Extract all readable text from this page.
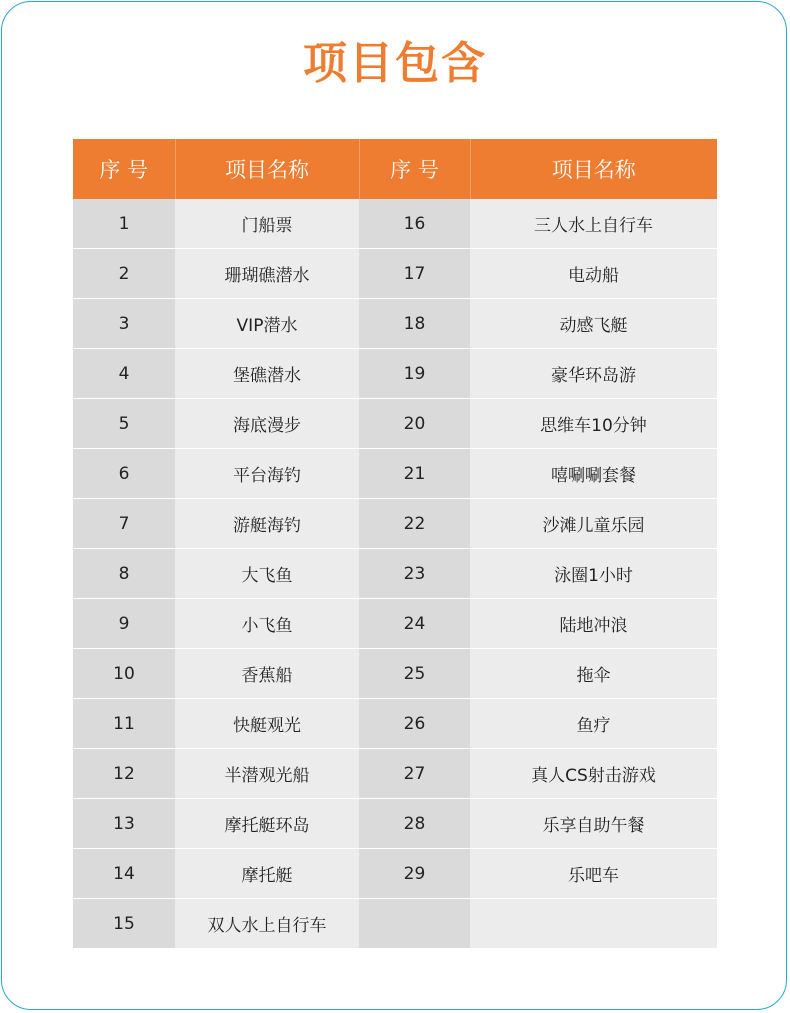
项目包含
序 号	项目名称	序 号	项目名称
1	门船票	16	三人水上自行车
2	珊瑚礁潜水	17	电动船
3	VIP潜水	18	动感飞艇
4	堡礁潜水	19	豪华环岛游
5	海底漫步	20	思维车10分钟
6	平台海钓	21	嘻唰唰套餐
7	游艇海钓	22	沙滩儿童乐园
8	大飞鱼	23	泳圈1小时
9	小飞鱼	24	陆地冲浪
10	香蕉船	25	拖伞
11	快艇观光	26	鱼疗
12	半潜观光船	27	真人CS射击游戏
13	摩托艇环岛	28	乐享自助午餐
14	摩托艇	29	乐吧车
15	双人水上自行车		
